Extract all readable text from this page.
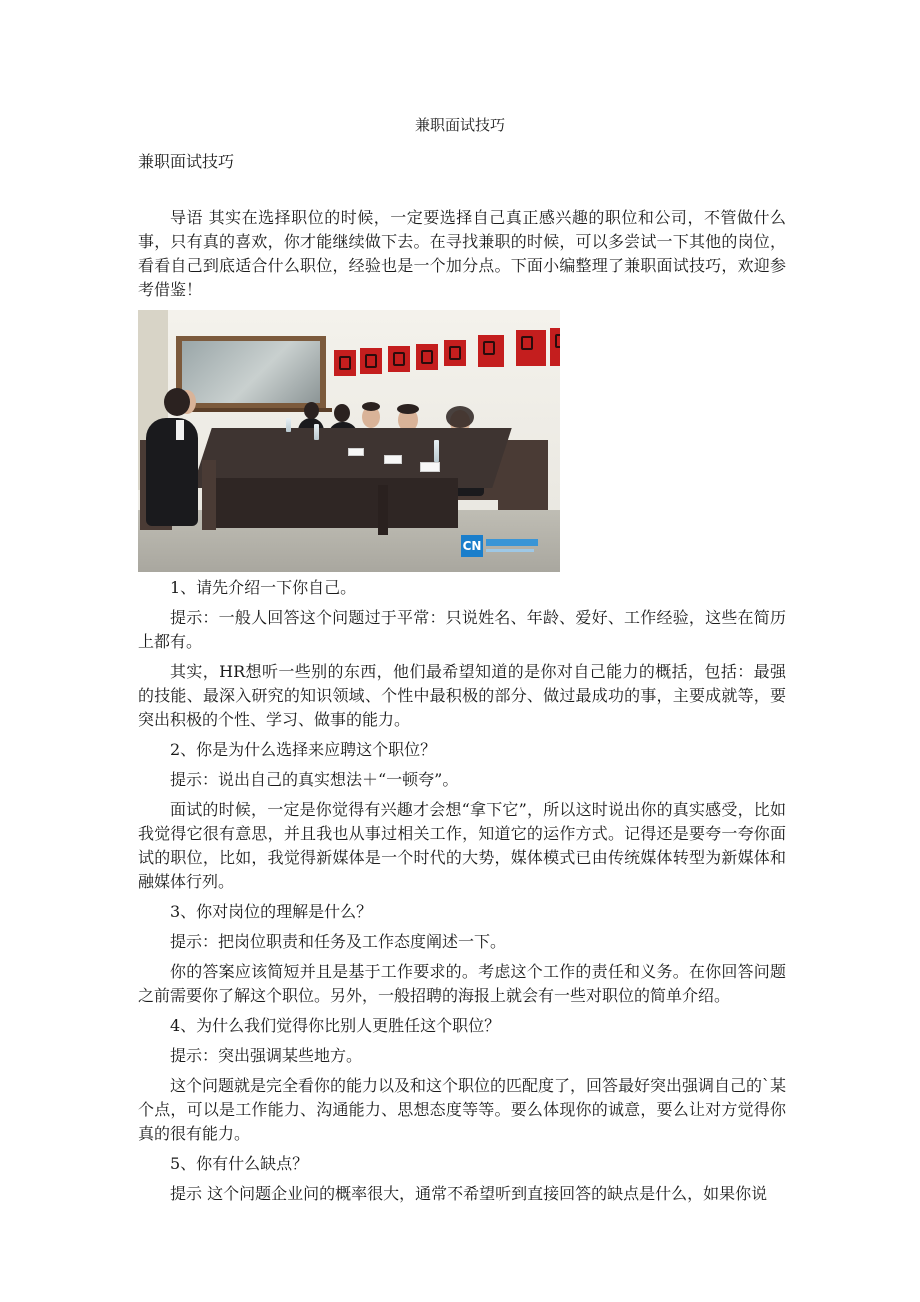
兼职面试技巧

兼职面试技巧

导语 其实在选择职位的时候，一定要选择自己真正感兴趣的职位和公司，不管做什么事，只有真的喜欢，你才能继续做下去。在寻找兼职的时候，可以多尝试一下其他的岗位，看看自己到底适合什么职位，经验也是一个加分点。下面小编整理了兼职面试技巧，欢迎参考借鉴！

CN

1、请先介绍一下你自己。

提示：一般人回答这个问题过于平常：只说姓名、年龄、爱好、工作经验，这些在简历上都有。

其实，HR想听一些别的东西，他们最希望知道的是你对自己能力的概括，包括：最强的技能、最深入研究的知识领域、个性中最积极的部分、做过最成功的事，主要成就等，要突出积极的个性、学习、做事的能力。

2、你是为什么选择来应聘这个职位？

提示：说出自己的真实想法＋“一顿夸”。

面试的时候，一定是你觉得有兴趣才会想“拿下它”，所以这时说出你的真实感受，比如我觉得它很有意思，并且我也从事过相关工作，知道它的运作方式。记得还是要夸一夸你面试的职位，比如，我觉得新媒体是一个时代的大势，媒体模式已由传统媒体转型为新媒体和融媒体行列。

3、你对岗位的理解是什么？

提示：把岗位职责和任务及工作态度阐述一下。

你的答案应该简短并且是基于工作要求的。考虑这个工作的责任和义务。在你回答问题之前需要你了解这个职位。另外，一般招聘的海报上就会有一些对职位的简单介绍。

4、为什么我们觉得你比别人更胜任这个职位？

提示：突出强调某些地方。

这个问题就是完全看你的能力以及和这个职位的匹配度了，回答最好突出强调自己的`某个点，可以是工作能力、沟通能力、思想态度等等。要么体现你的诚意，要么让对方觉得你真的很有能力。

5、你有什么缺点？

提示 这个问题企业问的概率很大，通常不希望听到直接回答的缺点是什么，如果你说
